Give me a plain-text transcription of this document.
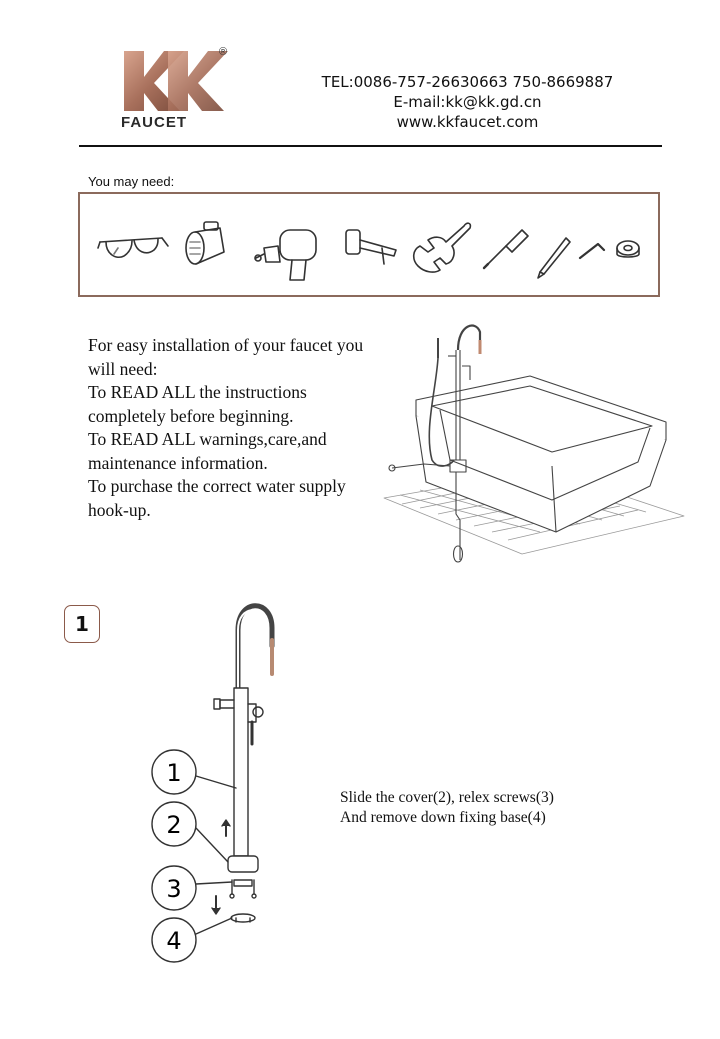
®
FAUCET
TEL:0086-757-26630663 750-8669887
E-mail:kk@kk.gd.cn
www.kkfaucet.com
You may need:
For easy installation of your faucet you
will need:
To READ ALL the instructions
completely before beginning.
To READ ALL warnings,care,and
maintenance information.
To purchase the correct water supply
hook-up.
1
1
2
3
4
Slide the cover(2), relex screws(3)
And remove down fixing base(4)
